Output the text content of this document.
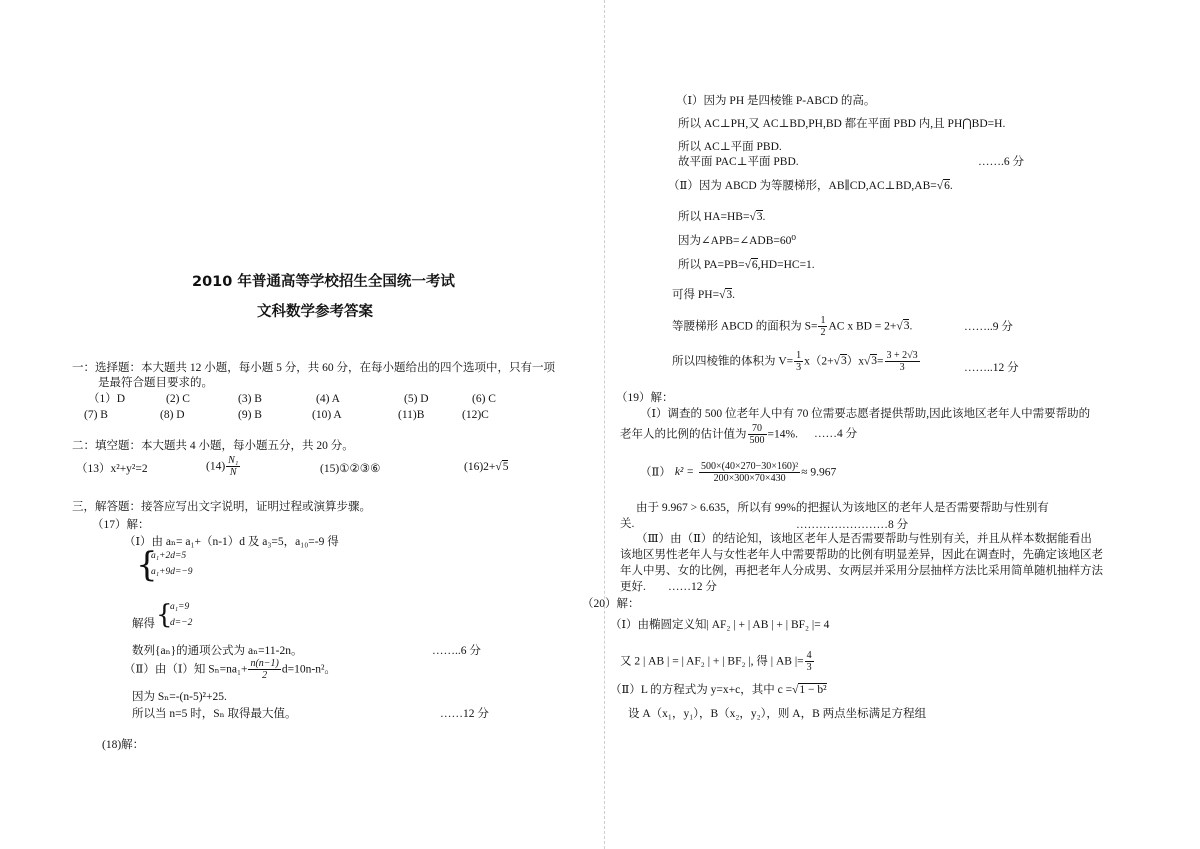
2010 年普通高等学校招生全国统一考试
文科数学参考答案
一：选择题：本大题共 12 小题，每小题 5 分，共 60 分，在每小题给出的四个选项中，只有一项
是最符合题目要求的。
（1）D	(2) C	(3) B	(4) A	(5) D	(6) C
(7) B	(8) D	(9) B	(10) A	(11)B	(12)C
二：填空题：本大题共 4 小题，每小题五分，共 20 分。
（13）x²+y²=2	$(14) \frac{\text{N₁}}{N}$	(15)①②③⑥	(16)2+√5
三，解答题：接答应写出文字说明，证明过程或演算步骤。
（17）解：
（Ⅰ）由 aₙ= a₁+（n-1）d 及 a₃=5，a₁₀=-9 得
{
a₁+2d=5
a₁+9d=−9
解得 {
a₁=9
d=−2
数列{aₙ}的通项公式为 aₙ=11-2n。	……..6 分
（Ⅱ）由（Ⅰ）知 $S_n=na_1+ \frac{n(n-1)}{2} d=10n-n^2$。
因为 Sₙ=-(n-5)²+25.
所以当 n=5 时，Sₙ 取得最大值。	……12 分
(18)解：
（Ⅰ）因为 PH 是四棱锥 P-ABCD 的高。
所以 AC⊥PH,又 AC⊥BD,PH,BD 都在平面 PBD 内,且 PH⋂BD=H.
所以 AC⊥平面 PBD.
故平面 PAC⊥平面 PBD.	…….6 分
（Ⅱ）因为 ABCD 为等腰梯形，AB∥CD,AC⊥BD,AB=√6.
所以 HA=HB=√3.
因为∠APB=∠ADB=60⁰
所以 PA=PB=√6,HD=HC=1.
可得 PH=√3.
等腰梯形 ABCD 的面积为 $S= \frac{1}{2}$ AC x BD = 2+√3.	……..9 分
所以四棱锥的体积为 $V= \frac{1}{3} x(2+√3)x√3= \frac{3 + 2√3}{3}$	……..12 分
（19）解：
（Ⅰ）调查的 500 位老年人中有 70 位需要志愿者提供帮助,因此该地区老年人中需要帮助的
老年人的比例的估计值为 $\frac{70}{500} =14\%$. ……4 分
（Ⅱ） $k^2 = \frac{\text{500×(40×270−30×160)²}}{200\times 300\times 70\times 430} \approx 9.967$
由于 9.967 > 6.635，所以有 99%的把握认为该地区的老年人是否需要帮助与性别有
关.	……………………8 分
（Ⅲ）由（Ⅱ）的结论知，该地区老年人是否需要帮助与性别有关，并且从样本数据能看出
该地区男性老年人与女性老年人中需要帮助的比例有明显差异，因此在调查时，先确定该地区老
年人中男、女的比例，再把老年人分成男、女两层并采用分层抽样方法比采用简单随机抽样方法
更好. ……12 分
（20）解：
（Ⅰ）由椭圆定义知| AF₂ | + | AB | + | BF₂ |= 4
又 2 | AB | = | AF₂ | + | BF₂ |, 得 | AB |= $\frac{4}{3}$
（Ⅱ）L 的方程式为 y=x+c，其中 c =√1 − b²
设 A（x₁，y₁），B（x₂，y₂），则 A，B 两点坐标满足方程组
